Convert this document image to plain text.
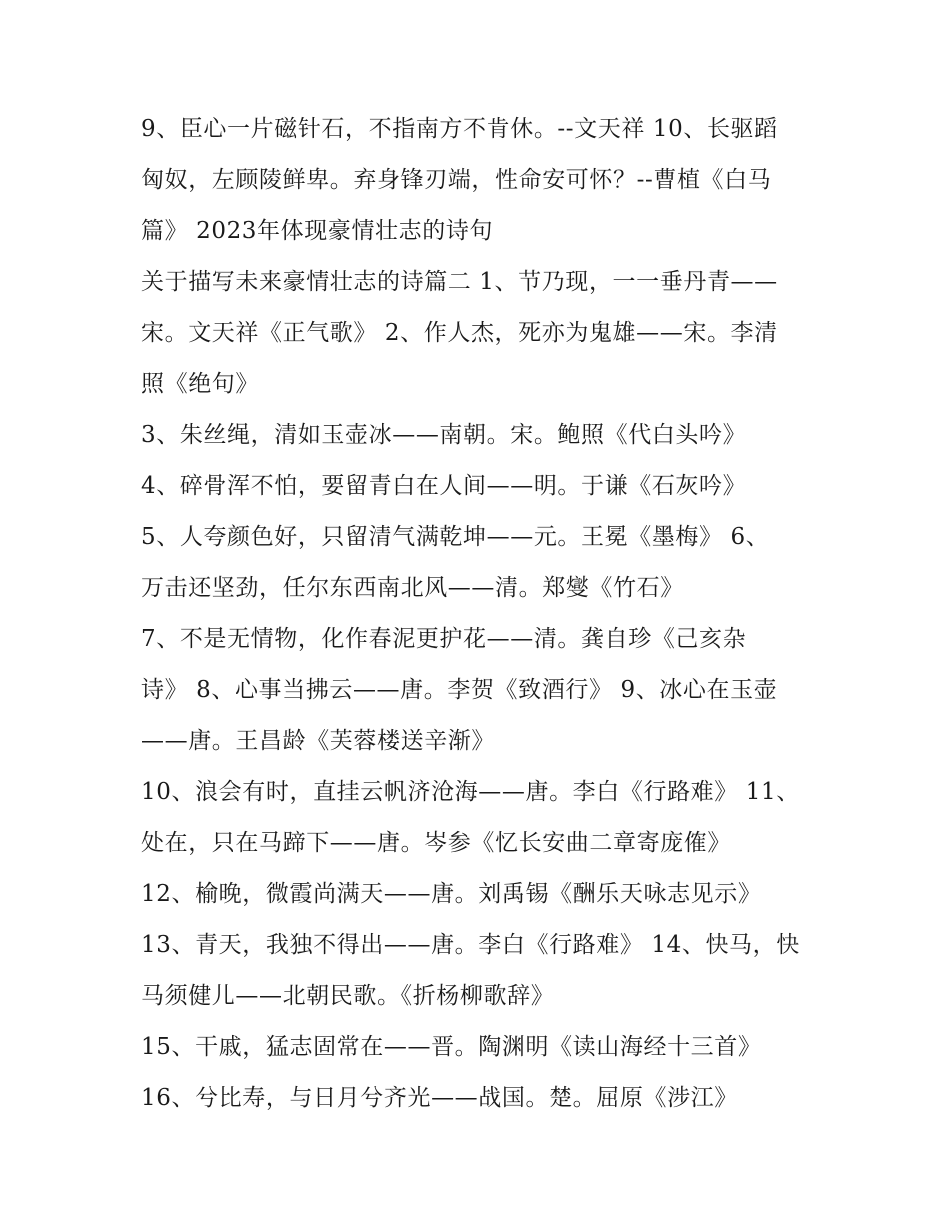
9、臣心一片磁针石，不指南方不肯休。--文天祥 10、长驱蹈
匈奴，左顾陵鲜卑。弃身锋刃端，性命安可怀？--曹植《白马
篇》 2023年体现豪情壮志的诗句
关于描写未来豪情壮志的诗篇二 1、节乃现，一一垂丹青——
宋。文天祥《正气歌》 2、作人杰，死亦为鬼雄——宋。李清
照《绝句》
3、朱丝绳，清如玉壶冰——南朝。宋。鲍照《代白头吟》
4、碎骨浑不怕，要留青白在人间——明。于谦《石灰吟》
5、人夸颜色好，只留清气满乾坤——元。王冕《墨梅》 6、
万击还坚劲，任尔东西南北风——清。郑燮《竹石》
7、不是无情物，化作春泥更护花——清。龚自珍《己亥杂
诗》 8、心事当拂云——唐。李贺《致酒行》 9、冰心在玉壶
——唐。王昌龄《芙蓉楼送辛渐》
10、浪会有时，直挂云帆济沧海——唐。李白《行路难》 11、
处在，只在马蹄下——唐。岑参《忆长安曲二章寄庞傕》
12、榆晚，微霞尚满天——唐。刘禹锡《酬乐天咏志见示》
13、青天，我独不得出——唐。李白《行路难》 14、快马，快
马须健儿——北朝民歌。《折杨柳歌辞》
15、干戚，猛志固常在——晋。陶渊明《读山海经十三首》
16、兮比寿，与日月兮齐光——战国。楚。屈原《涉江》
